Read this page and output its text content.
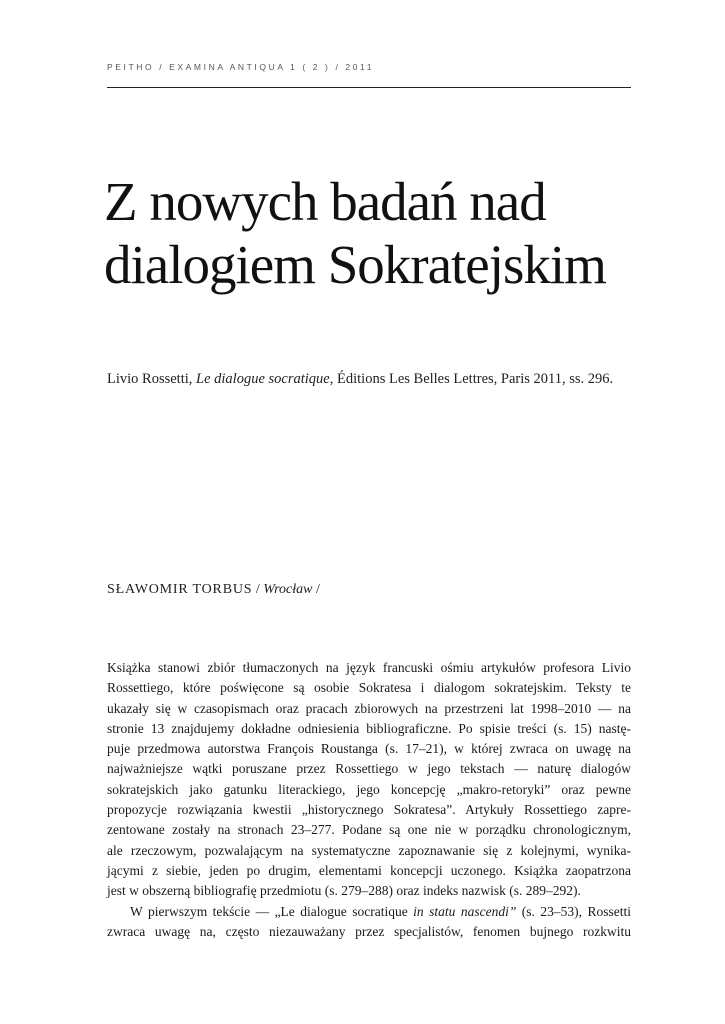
PEITHO / EXAMINA ANTIQUA 1 ( 2 ) / 2011
Z nowych badań nad
dialogiem Sokratejskim
Livio Rossetti, Le dialogue socratique, Éditions Les Belles Lettres, Paris 2011, ss. 296.
SŁAWOMIR TORBUS / Wrocław /
Książka stanowi zbiór tłumaczonych na język francuski ośmiu artykułów profesora Livio
Rossettiego, które poświęcone są osobie Sokratesa i dialogom sokratejskim. Teksty te
ukazały się w czasopismach oraz pracach zbiorowych na przestrzeni lat 1998–2010 — na
stronie 13 znajdujemy dokładne odniesienia bibliograficzne. Po spisie treści (s. 15) nastę-
puje przedmowa autorstwa François Roustanga (s. 17–21), w której zwraca on uwagę na
najważniejsze wątki poruszane przez Rossettiego w jego tekstach — naturę dialogów
sokratejskich jako gatunku literackiego, jego koncepcję „makro-retoryki” oraz pewne
propozycje rozwiązania kwestii „historycznego Sokratesa”. Artykuły Rossettiego zapre-
zentowane zostały na stronach 23–277. Podane są one nie w porządku chronologicznym,
ale rzeczowym, pozwalającym na systematyczne zapoznawanie się z kolejnymi, wynika-
jącymi z siebie, jeden po drugim, elementami koncepcji uczonego. Książka zaopatrzona
jest w obszerną bibliografię przedmiotu (s. 279–288) oraz indeks nazwisk (s. 289–292).
W pierwszym tekście — „Le dialogue socratique in statu nascendi” (s. 23–53), Rossetti
zwraca uwagę na, często niezauważany przez specjalistów, fenomen bujnego rozkwitu
